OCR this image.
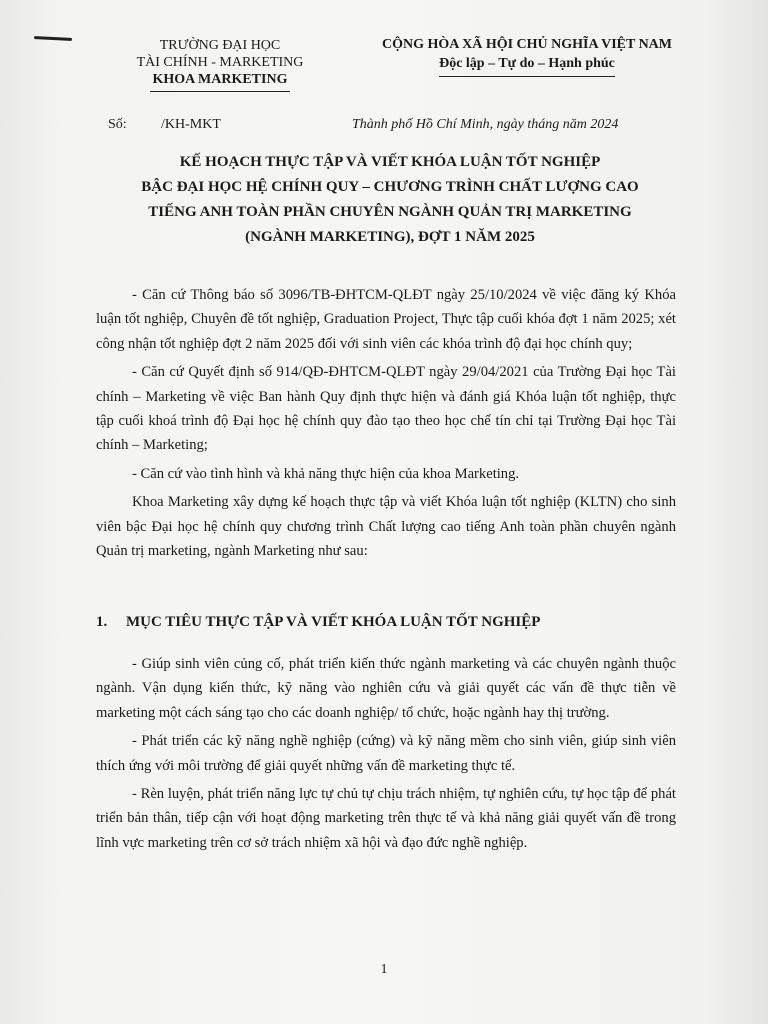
TRƯỜNG ĐẠI HỌC
TÀI CHÍNH - MARKETING
KHOA MARKETING
CỘNG HÒA XÃ HỘI CHỦ NGHĨA VIỆT NAM
Độc lập – Tự do – Hạnh phúc
Số: /KH-MKT	Thành phố Hồ Chí Minh, ngày tháng năm 2024
KẾ HOẠCH THỰC TẬP VÀ VIẾT KHÓA LUẬN TỐT NGHIỆP
BẬC ĐẠI HỌC HỆ CHÍNH QUY – CHƯƠNG TRÌNH CHẤT LƯỢNG CAO
TIẾNG ANH TOÀN PHẦN CHUYÊN NGÀNH QUẢN TRỊ MARKETING
(NGÀNH MARKETING), ĐỢT 1 NĂM 2025

- Căn cứ Thông báo số 3096/TB-ĐHTCM-QLĐT ngày 25/10/2024 về việc đăng ký Khóa luận tốt nghiệp, Chuyên đề tốt nghiệp, Graduation Project, Thực tập cuối khóa đợt 1 năm 2025; xét công nhận tốt nghiệp đợt 2 năm 2025 đối với sinh viên các khóa trình độ đại học chính quy;

- Căn cứ Quyết định số 914/QĐ-ĐHTCM-QLĐT ngày 29/04/2021 của Trường Đại học Tài chính – Marketing về việc Ban hành Quy định thực hiện và đánh giá Khóa luận tốt nghiệp, thực tập cuối khoá trình độ Đại học hệ chính quy đào tạo theo học chế tín chỉ tại Trường Đại học Tài chính – Marketing;

- Căn cứ vào tình hình và khả năng thực hiện của khoa Marketing.

Khoa Marketing xây dựng kế hoạch thực tập và viết Khóa luận tốt nghiệp (KLTN) cho sinh viên bậc Đại học hệ chính quy chương trình Chất lượng cao tiếng Anh toàn phần chuyên ngành Quản trị marketing, ngành Marketing như sau:

1. MỤC TIÊU THỰC TẬP VÀ VIẾT KHÓA LUẬN TỐT NGHIỆP

- Giúp sinh viên củng cố, phát triển kiến thức ngành marketing và các chuyên ngành thuộc ngành. Vận dụng kiến thức, kỹ năng vào nghiên cứu và giải quyết các vấn đề thực tiễn về marketing một cách sáng tạo cho các doanh nghiệp/ tổ chức, hoặc ngành hay thị trường.

- Phát triển các kỹ năng nghề nghiệp (cứng) và kỹ năng mềm cho sinh viên, giúp sinh viên thích ứng với môi trường để giải quyết những vấn đề marketing thực tế.

- Rèn luyện, phát triển năng lực tự chủ tự chịu trách nhiệm, tự nghiên cứu, tự học tập để phát triển bản thân, tiếp cận với hoạt động marketing trên thực tế và khả năng giải quyết vấn đề trong lĩnh vực marketing trên cơ sở trách nhiệm xã hội và đạo đức nghề nghiệp.

1
